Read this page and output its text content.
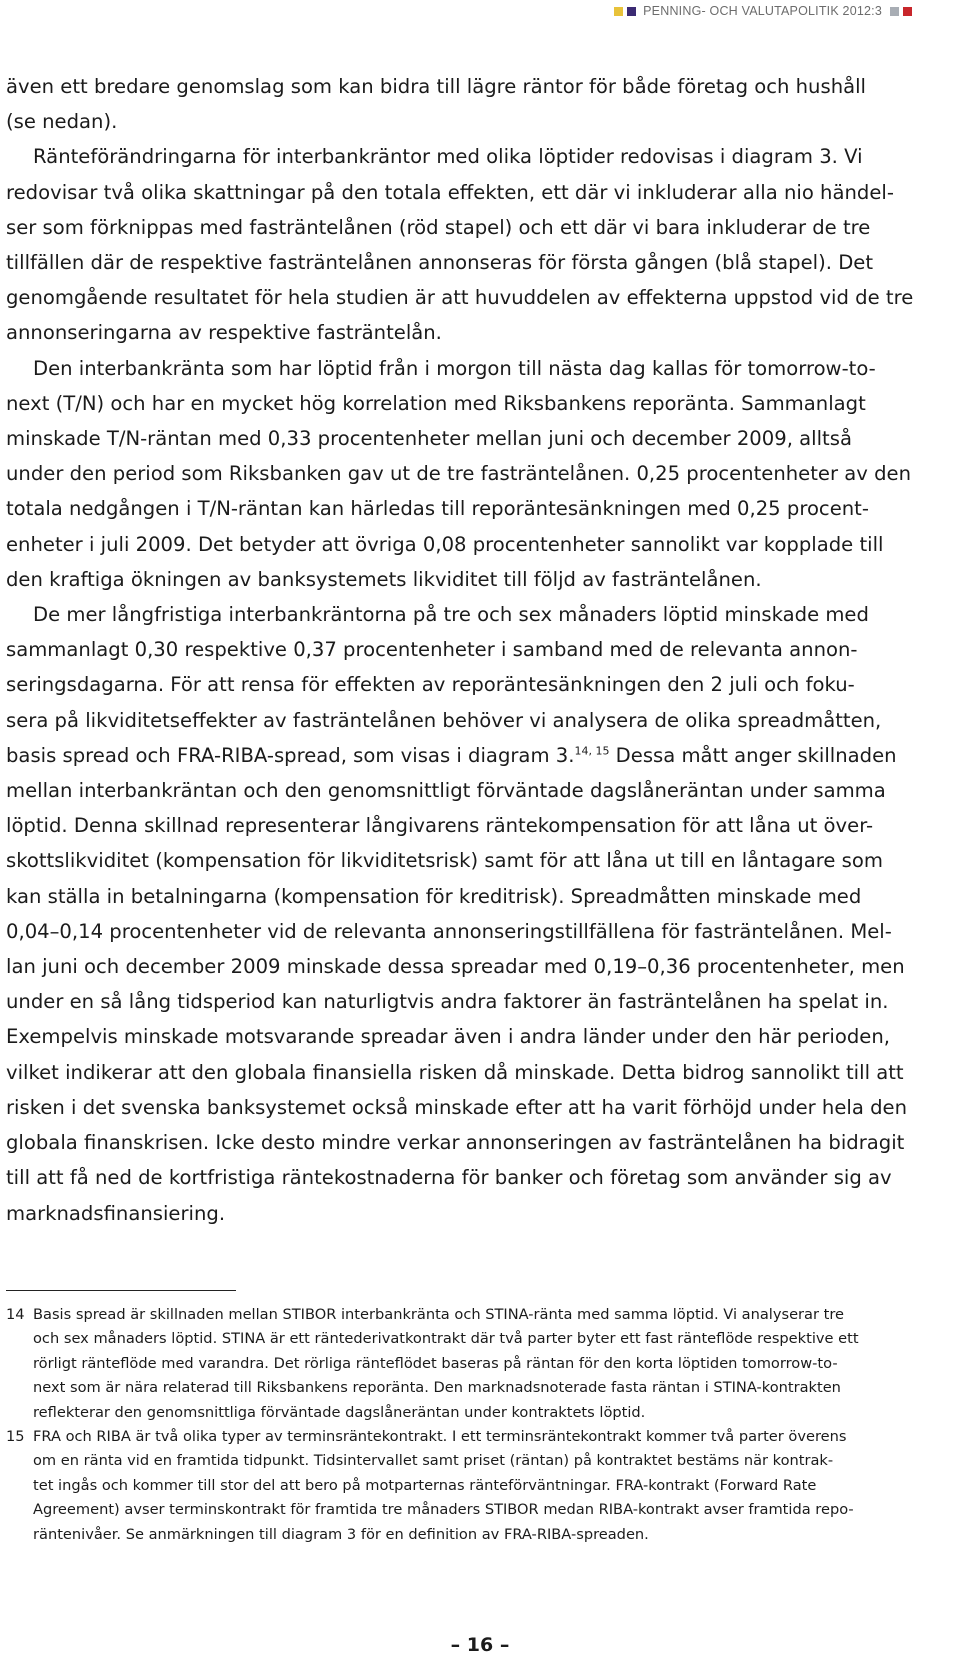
PENNING- OCH VALUTAPOLITIK 2012:3

även ett bredare genomslag som kan bidra till lägre räntor för både företag och hushåll
(se nedan).

Ränteförändringarna för interbankräntor med olika löptider redovisas i diagram 3. Vi
redovisar två olika skattningar på den totala effekten, ett där vi inkluderar alla nio händel-
ser som förknippas med fasträntelånen (röd stapel) och ett där vi bara inkluderar de tre
tillfällen där de respektive fasträntelånen annonseras för första gången (blå stapel). Det
genomgående resultatet för hela studien är att huvuddelen av effekterna uppstod vid de tre
annonseringarna av respektive fasträntelån.

Den interbankränta som har löptid från i morgon till nästa dag kallas för tomorrow-to-
next (T/N) och har en mycket hög korrelation med Riksbankens reporänta. Sammanlagt
minskade T/N-räntan med 0,33 procentenheter mellan juni och december 2009, alltså
under den period som Riksbanken gav ut de tre fasträntelånen. 0,25 procentenheter av den
totala nedgången i T/N-räntan kan härledas till reporäntesänkningen med 0,25 procent-
enheter i juli 2009. Det betyder att övriga 0,08 procentenheter sannolikt var kopplade till
den kraftiga ökningen av banksystemets likviditet till följd av fasträntelånen.

De mer långfristiga interbankräntorna på tre och sex månaders löptid minskade med
sammanlagt 0,30 respektive 0,37 procentenheter i samband med de relevanta annon-
seringsdagarna. För att rensa för effekten av reporäntesänkningen den 2 juli och foku-
sera på likviditetseffekter av fasträntelånen behöver vi analysera de olika spreadmåtten,
basis spread och FRA-RIBA-spread, som visas i diagram 3.$^{14, 15}$ Dessa mått anger skillnaden
mellan interbankräntan och den genomsnittligt förväntade dagslåneräntan under samma
löptid. Denna skillnad representerar långivarens räntekompensation för att låna ut över-
skottslikviditet (kompensation för likviditetsrisk) samt för att låna ut till en låntagare som
kan ställa in betalningarna (kompensation för kreditrisk). Spreadmåtten minskade med
0,04–0,14 procentenheter vid de relevanta annonseringstillfällena för fasträntelånen. Mel-
lan juni och december 2009 minskade dessa spreadar med 0,19–0,36 procentenheter, men
under en så lång tidsperiod kan naturligtvis andra faktorer än fasträntelånen ha spelat in.
Exempelvis minskade motsvarande spreadar även i andra länder under den här perioden,
vilket indikerar att den globala finansiella risken då minskade. Detta bidrog sannolikt till att
risken i det svenska banksystemet också minskade efter att ha varit förhöjd under hela den
globala finanskrisen. Icke desto mindre verkar annonseringen av fasträntelånen ha bidragit
till att få ned de kortfristiga räntekostnaderna för banker och företag som använder sig av
marknadsfinansiering.

14 Basis spread är skillnaden mellan STIBOR interbankränta och STINA-ränta med samma löptid. Vi analyserar tre
och sex månaders löptid. STINA är ett räntederivatkontrakt där två parter byter ett fast ränteflöde respektive ett
rörligt ränteflöde med varandra. Det rörliga ränteflödet baseras på räntan för den korta löptiden tomorrow-to-
next som är nära relaterad till Riksbankens reporänta. Den marknadsnoterade fasta räntan i STINA-kontrakten
reflekterar den genomsnittliga förväntade dagslåneräntan under kontraktets löptid.
15 FRA och RIBA är två olika typer av terminsräntekontrakt. I ett terminsräntekontrakt kommer två parter överens
om en ränta vid en framtida tidpunkt. Tidsintervallet samt priset (räntan) på kontraktet bestäms när kontrak-
tet ingås och kommer till stor del att bero på motparternas ränteförväntningar. FRA-kontrakt (Forward Rate
Agreement) avser terminskontrakt för framtida tre månaders STIBOR medan RIBA-kontrakt avser framtida repo-
räntenivåer. Se anmärkningen till diagram 3 för en definition av FRA-RIBA-spreaden.
– 16 –
